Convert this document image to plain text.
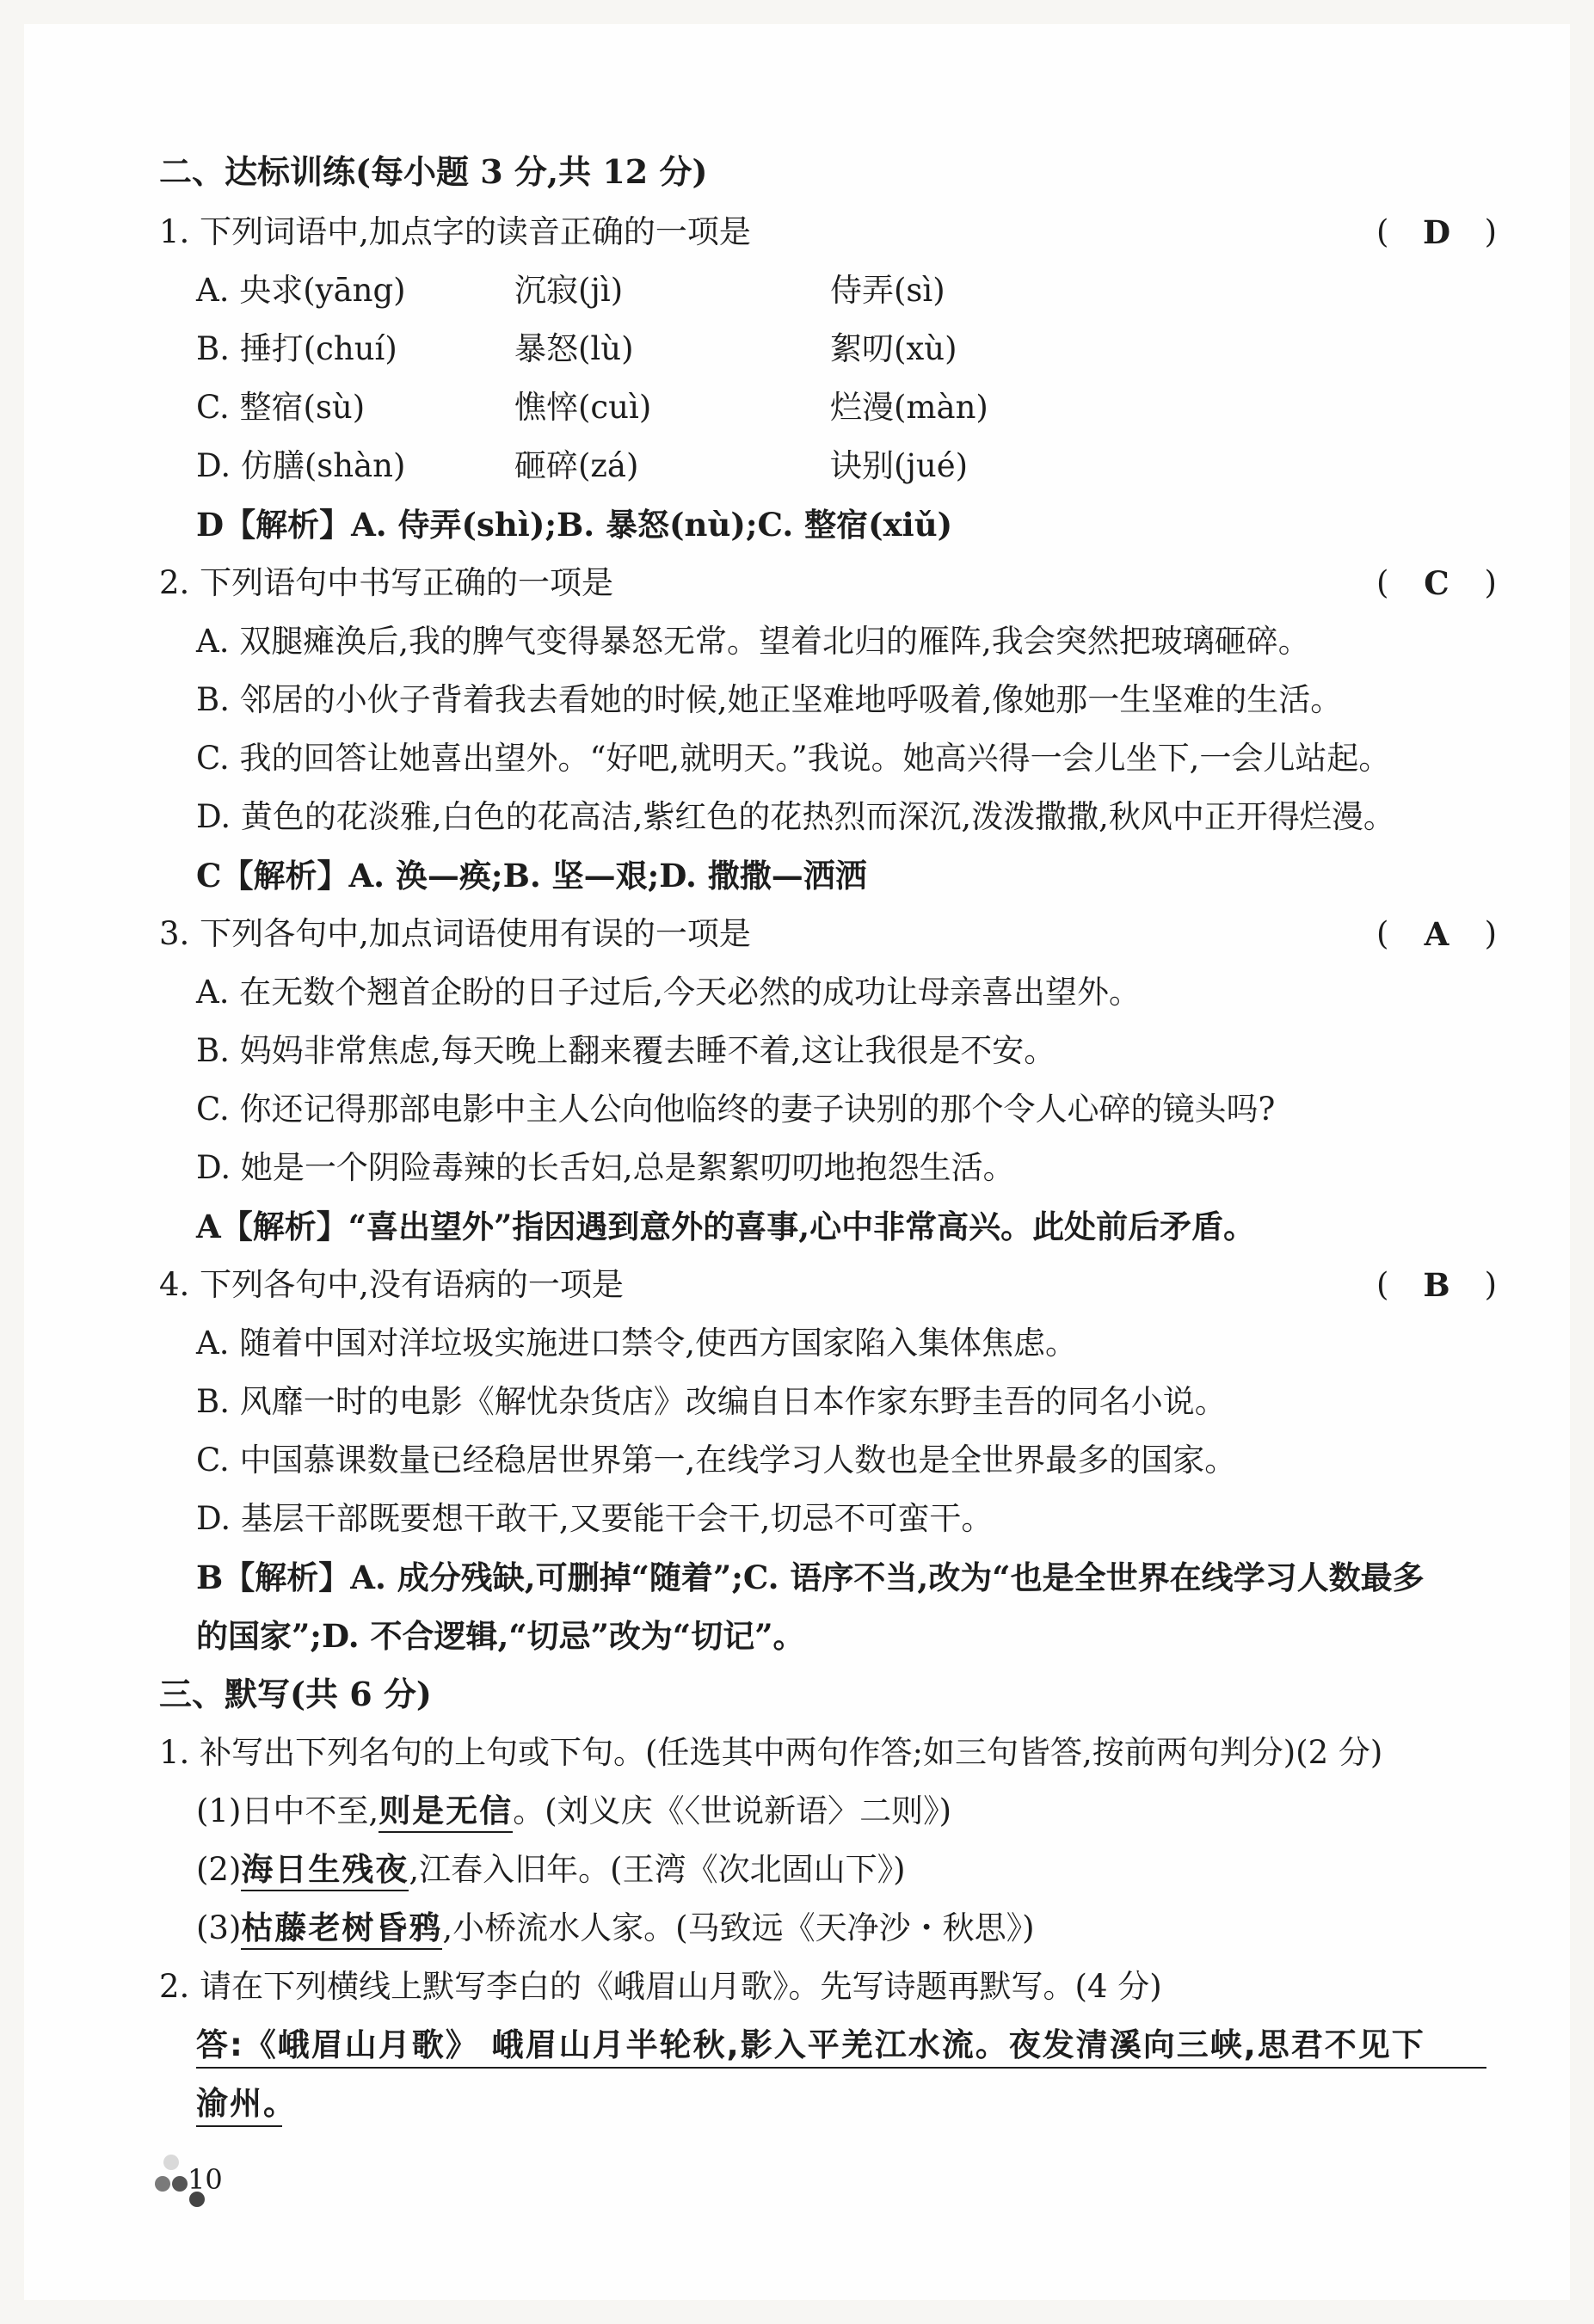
二、达标训练(每小题 3 分,共 12 分)
1. 下列词语中,加点字的读音正确的一项是	( D )
A. 央求(yāng)	沉寂(jì)	侍弄(sì)
B. 捶打(chuí)	暴怒(lù)	絮叨(xù)
C. 整宿(sù)	憔悴(cuì)	烂漫(màn)
D. 仿膳(shàn)	砸碎(zá)	诀别(jué)
D【解析】A. 侍弄(shì);B. 暴怒(nù);C. 整宿(xiǔ)
2. 下列语句中书写正确的一项是	( C )
A. 双腿瘫涣后,我的脾气变得暴怒无常。望着北归的雁阵,我会突然把玻璃砸碎。
B. 邻居的小伙子背着我去看她的时候,她正坚难地呼吸着,像她那一生坚难的生活。
C. 我的回答让她喜出望外。“好吧,就明天。”我说。她高兴得一会儿坐下,一会儿站起。
D. 黄色的花淡雅,白色的花高洁,紫红色的花热烈而深沉,泼泼撒撒,秋风中正开得烂漫。
C【解析】A. 涣—痪;B. 坚—艰;D. 撒撒—洒洒
3. 下列各句中,加点词语使用有误的一项是	( A )
A. 在无数个翘首企盼的日子过后,今天必然的成功让母亲喜出望外。
B. 妈妈非常焦虑,每天晚上翻来覆去睡不着,这让我很是不安。
C. 你还记得那部电影中主人公向他临终的妻子诀别的那个令人心碎的镜头吗?
D. 她是一个阴险毒辣的长舌妇,总是絮絮叨叨地抱怨生活。
A【解析】“喜出望外”指因遇到意外的喜事,心中非常高兴。此处前后矛盾。
4. 下列各句中,没有语病的一项是	( B )
A. 随着中国对洋垃圾实施进口禁令,使西方国家陷入集体焦虑。
B. 风靡一时的电影《解忧杂货店》改编自日本作家东野圭吾的同名小说。
C. 中国慕课数量已经稳居世界第一,在线学习人数也是全世界最多的国家。
D. 基层干部既要想干敢干,又要能干会干,切忌不可蛮干。
B【解析】A. 成分残缺,可删掉“随着”;C. 语序不当,改为“也是全世界在线学习人数最多
的国家”;D. 不合逻辑,“切忌”改为“切记”。
三、默写(共 6 分)
1. 补写出下列名句的上句或下句。(任选其中两句作答;如三句皆答,按前两句判分)(2 分)
(1)日中不至,则是无信。(刘义庆《〈世说新语〉二则》)
(2)海日生残夜,江春入旧年。(王湾《次北固山下》)
(3)枯藤老树昏鸦,小桥流水人家。(马致远《天净沙・秋思》)
2. 请在下列横线上默写李白的《峨眉山月歌》。先写诗题再默写。(4 分)
答:《峨眉山月歌》 峨眉山月半轮秋,影入平羌江水流。夜发清溪向三峡,思君不见下
渝州。
10
